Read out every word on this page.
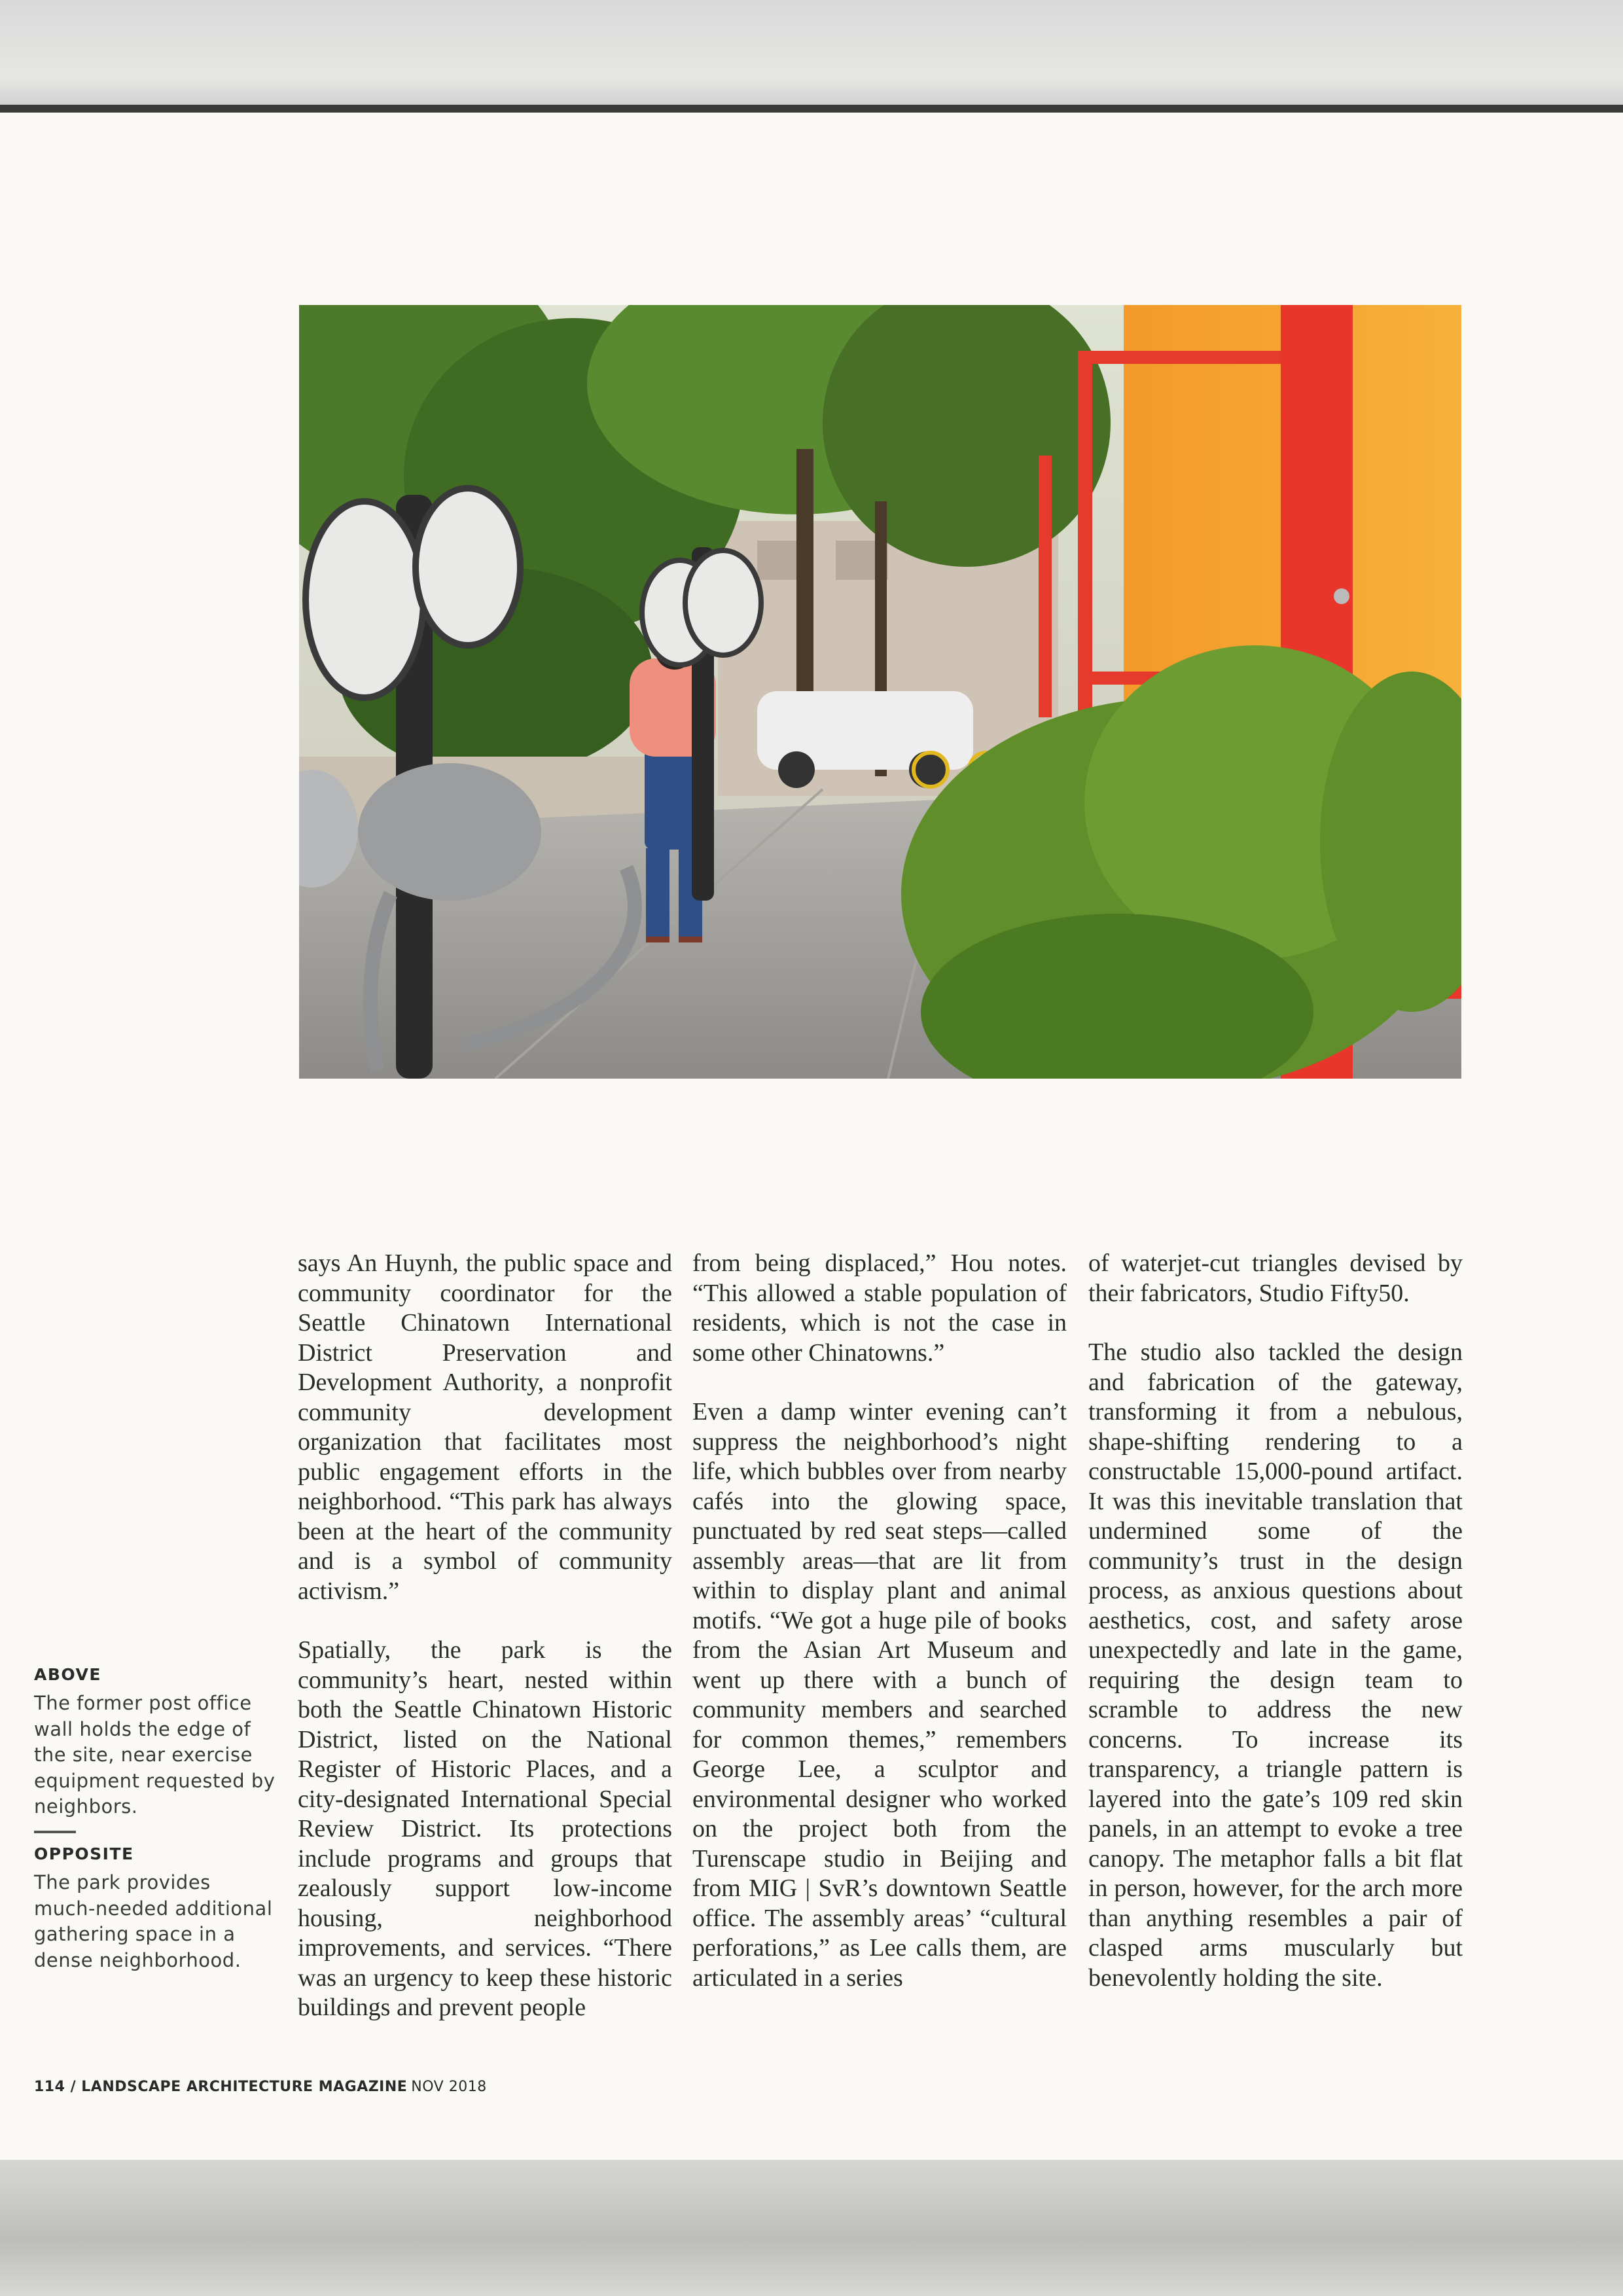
says An Huynh, the public space and community coordinator for the Seattle Chinatown International District Preservation and Development Authority, a nonprofit community development organization that facilitates most public engagement efforts in the neighborhood. “This park has always been at the heart of the community and is a symbol of community activism.”

Spatially, the park is the community’s heart, nested within both the Seattle Chinatown Historic District, listed on the National Register of Historic Places, and a city-designated International Special Review District. Its protections include programs and groups that zealously support low-income housing, neighborhood improvements, and services. “There was an urgency to keep these historic buildings and prevent people

from being displaced,” Hou notes. “This allowed a stable population of residents, which is not the case in some other Chinatowns.”

Even a damp winter evening can’t suppress the neighborhood’s night life, which bubbles over from nearby cafés into the glowing space, punctuated by red seat steps—called assembly areas—that are lit from within to display plant and animal motifs. “We got a huge pile of books from the Asian Art Museum and went up there with a bunch of community members and searched for common themes,” remembers George Lee, a sculptor and environmental designer who worked on the project both from the Turenscape studio in Beijing and from MIG | SvR’s downtown Seattle office. The assembly areas’ “cultural perforations,” as Lee calls them, are articulated in a series

of waterjet-cut triangles devised by their fabricators, Studio Fifty50.

The studio also tackled the design and fabrication of the gateway, transforming it from a nebulous, shape-shifting rendering to a constructable 15,000-pound artifact. It was this inevitable translation that undermined some of the community’s trust in the design process, as anxious questions about aesthetics, cost, and safety arose unexpectedly and late in the game, requiring the design team to scramble to address the new concerns. To increase its transparency, a triangle pattern is layered into the gate’s 109 red skin panels, in an attempt to evoke a tree canopy. The metaphor falls a bit flat in person, however, for the arch more than anything resembles a pair of clasped arms muscularly but benevolently holding the site.

ABOVE

The former post office wall holds the edge of the site, near exercise equipment requested by neighbors.

OPPOSITE

The park provides much-needed additional gathering space in a dense neighborhood.

114 / LANDSCAPE ARCHITECTURE MAGAZINE NOV 2018
